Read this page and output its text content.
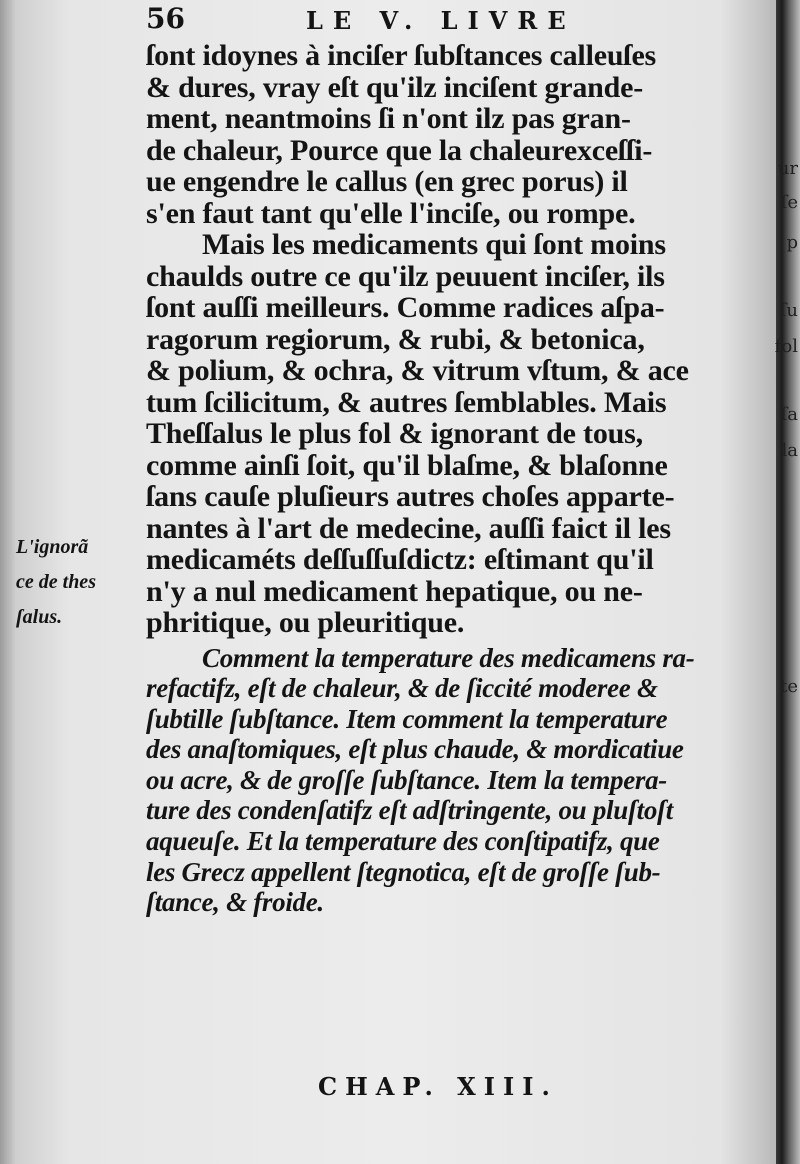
56	LE V. LIVRE
ſont idoynes à inciſer ſubſtances calleuſes
& dures, vray eſt qu'ilz inciſent grande-
ment, neantmoins ſi n'ont ilz pas gran-
de chaleur, Pource que la chaleurexceſſi-
ue engendre le callus (en grec porus) il
s'en faut tant qu'elle l'inciſe, ou rompe.
Mais les medicaments qui ſont moins
chaulds outre ce qu'ilz peuuent inciſer, ils
ſont auſſi meilleurs. Comme radices aſpa-
ragorum regiorum, & rubi, & betonica,
& polium, & ochra, & vitrum vſtum, & ace
tum ſcilicitum, & autres ſemblables. Mais
Theſſalus le plus fol & ignorant de tous,
comme ainſi ſoit, qu'il blaſme, & blaſonne
ſans cauſe pluſieurs autres choſes apparte-
nantes à l'art de medecine, auſſi faict il les
medicaméts deſſuſſuſdictz: eſtimant qu'il
n'y a nul medicament hepatique, ou ne-
phritique, ou pleuritique.
Comment la temperature des medicamens ra-
refactifz, eſt de chaleur, & de ſiccité moderee &
ſubtille ſubſtance. Item comment la temperature
des anaſtomiques, eſt plus chaude, & mordicatiue
ou acre, & de groſſe ſubſtance. Item la tempera-
ture des condenſatifz eſt adſtringente, ou pluſtoſt
aqueuſe. Et la temperature des conſtipatifz, que
les Grecz appellent ſtegnotica, eſt de groſſe ſub-
ſtance, & froide.
L'ignorã
ce de thes
ſalus.
CHAP. XIII.
ur
ſe
p
ſu
fol
ſa
la
te
